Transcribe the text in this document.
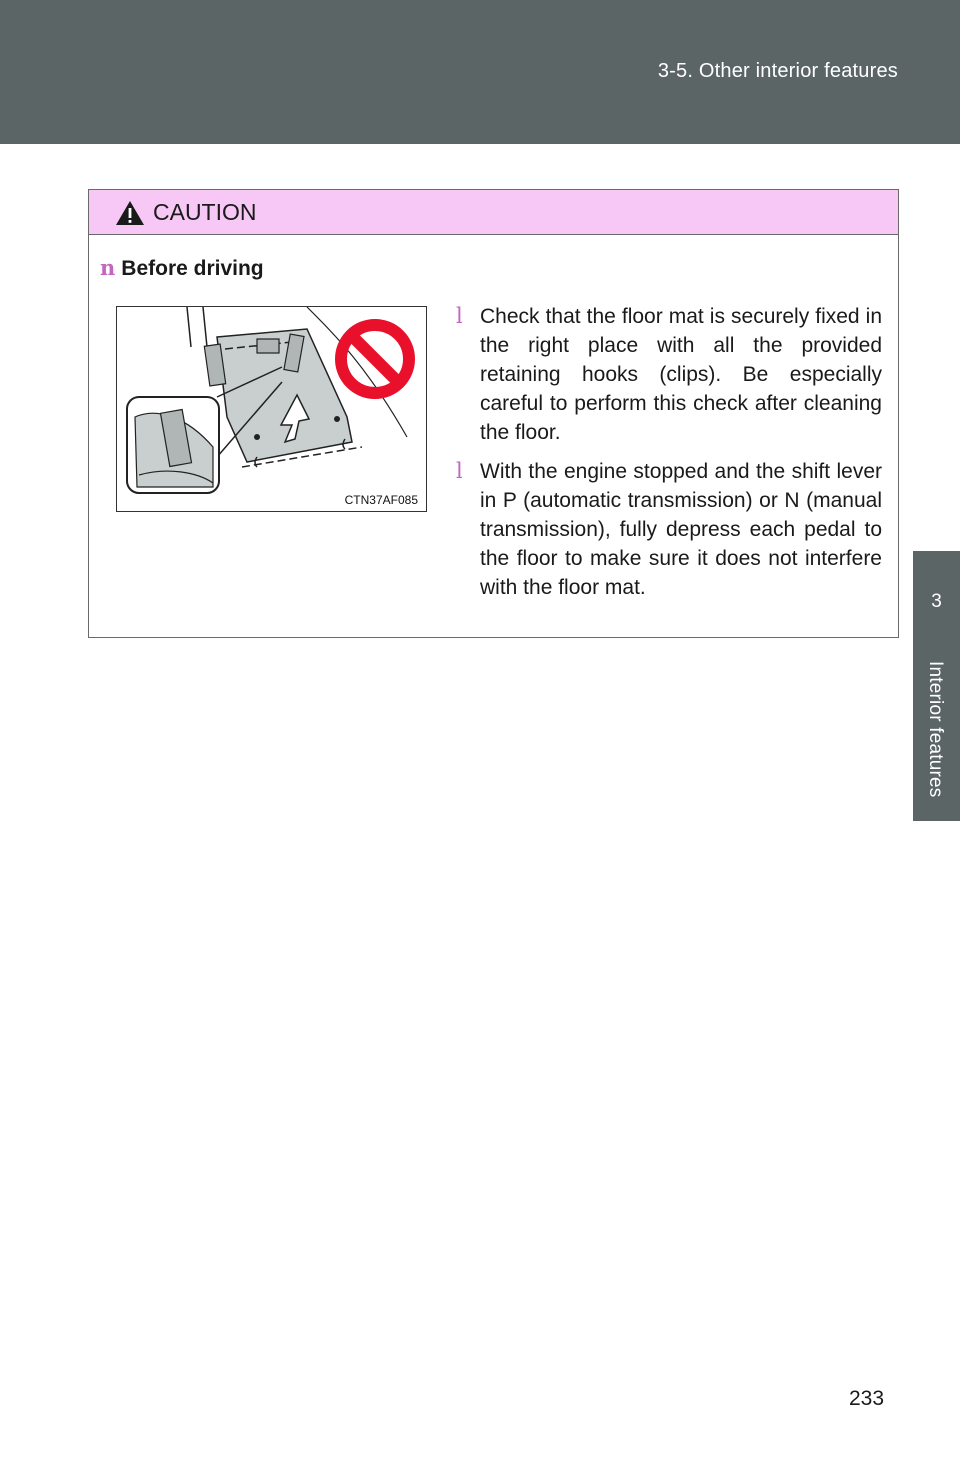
3-5. Other interior features
3
Interior features
CAUTION
n Before driving
CTN37AF085
l Check that the floor mat is securely fixed in the right place with all the provided retaining hooks (clips). Be especially careful to perform this check after cleaning the floor.
l With the engine stopped and the shift lever in P (automatic transmission) or N (manual transmission), fully depress each pedal to the floor to make sure it does not interfere with the floor mat.
233
